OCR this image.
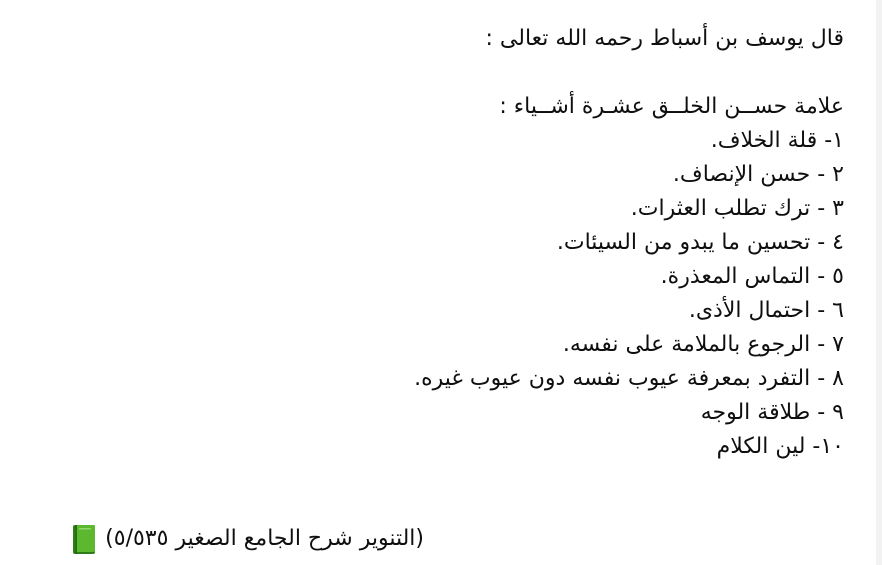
قال يوسف بن أسباط رحمه الله تعالى :
علامة حســن الخلــق عشـرة أشــياء :
١- قلة الخلاف.
٢ - حسن الإنصاف.
٣ - ترك تطلب العثرات.
٤ - تحسين ما يبدو من السيئات.
٥ - التماس المعذرة.
٦ - احتمال الأذى.
٧ - الرجوع بالملامة على نفسه.
٨ - التفرد بمعرفة عيوب نفسه دون عيوب غيره.
٩ - طلاقة الوجه
١٠- لين الكلام
(التنوير شرح الجامع الصغير ٥/٥٣٥)
